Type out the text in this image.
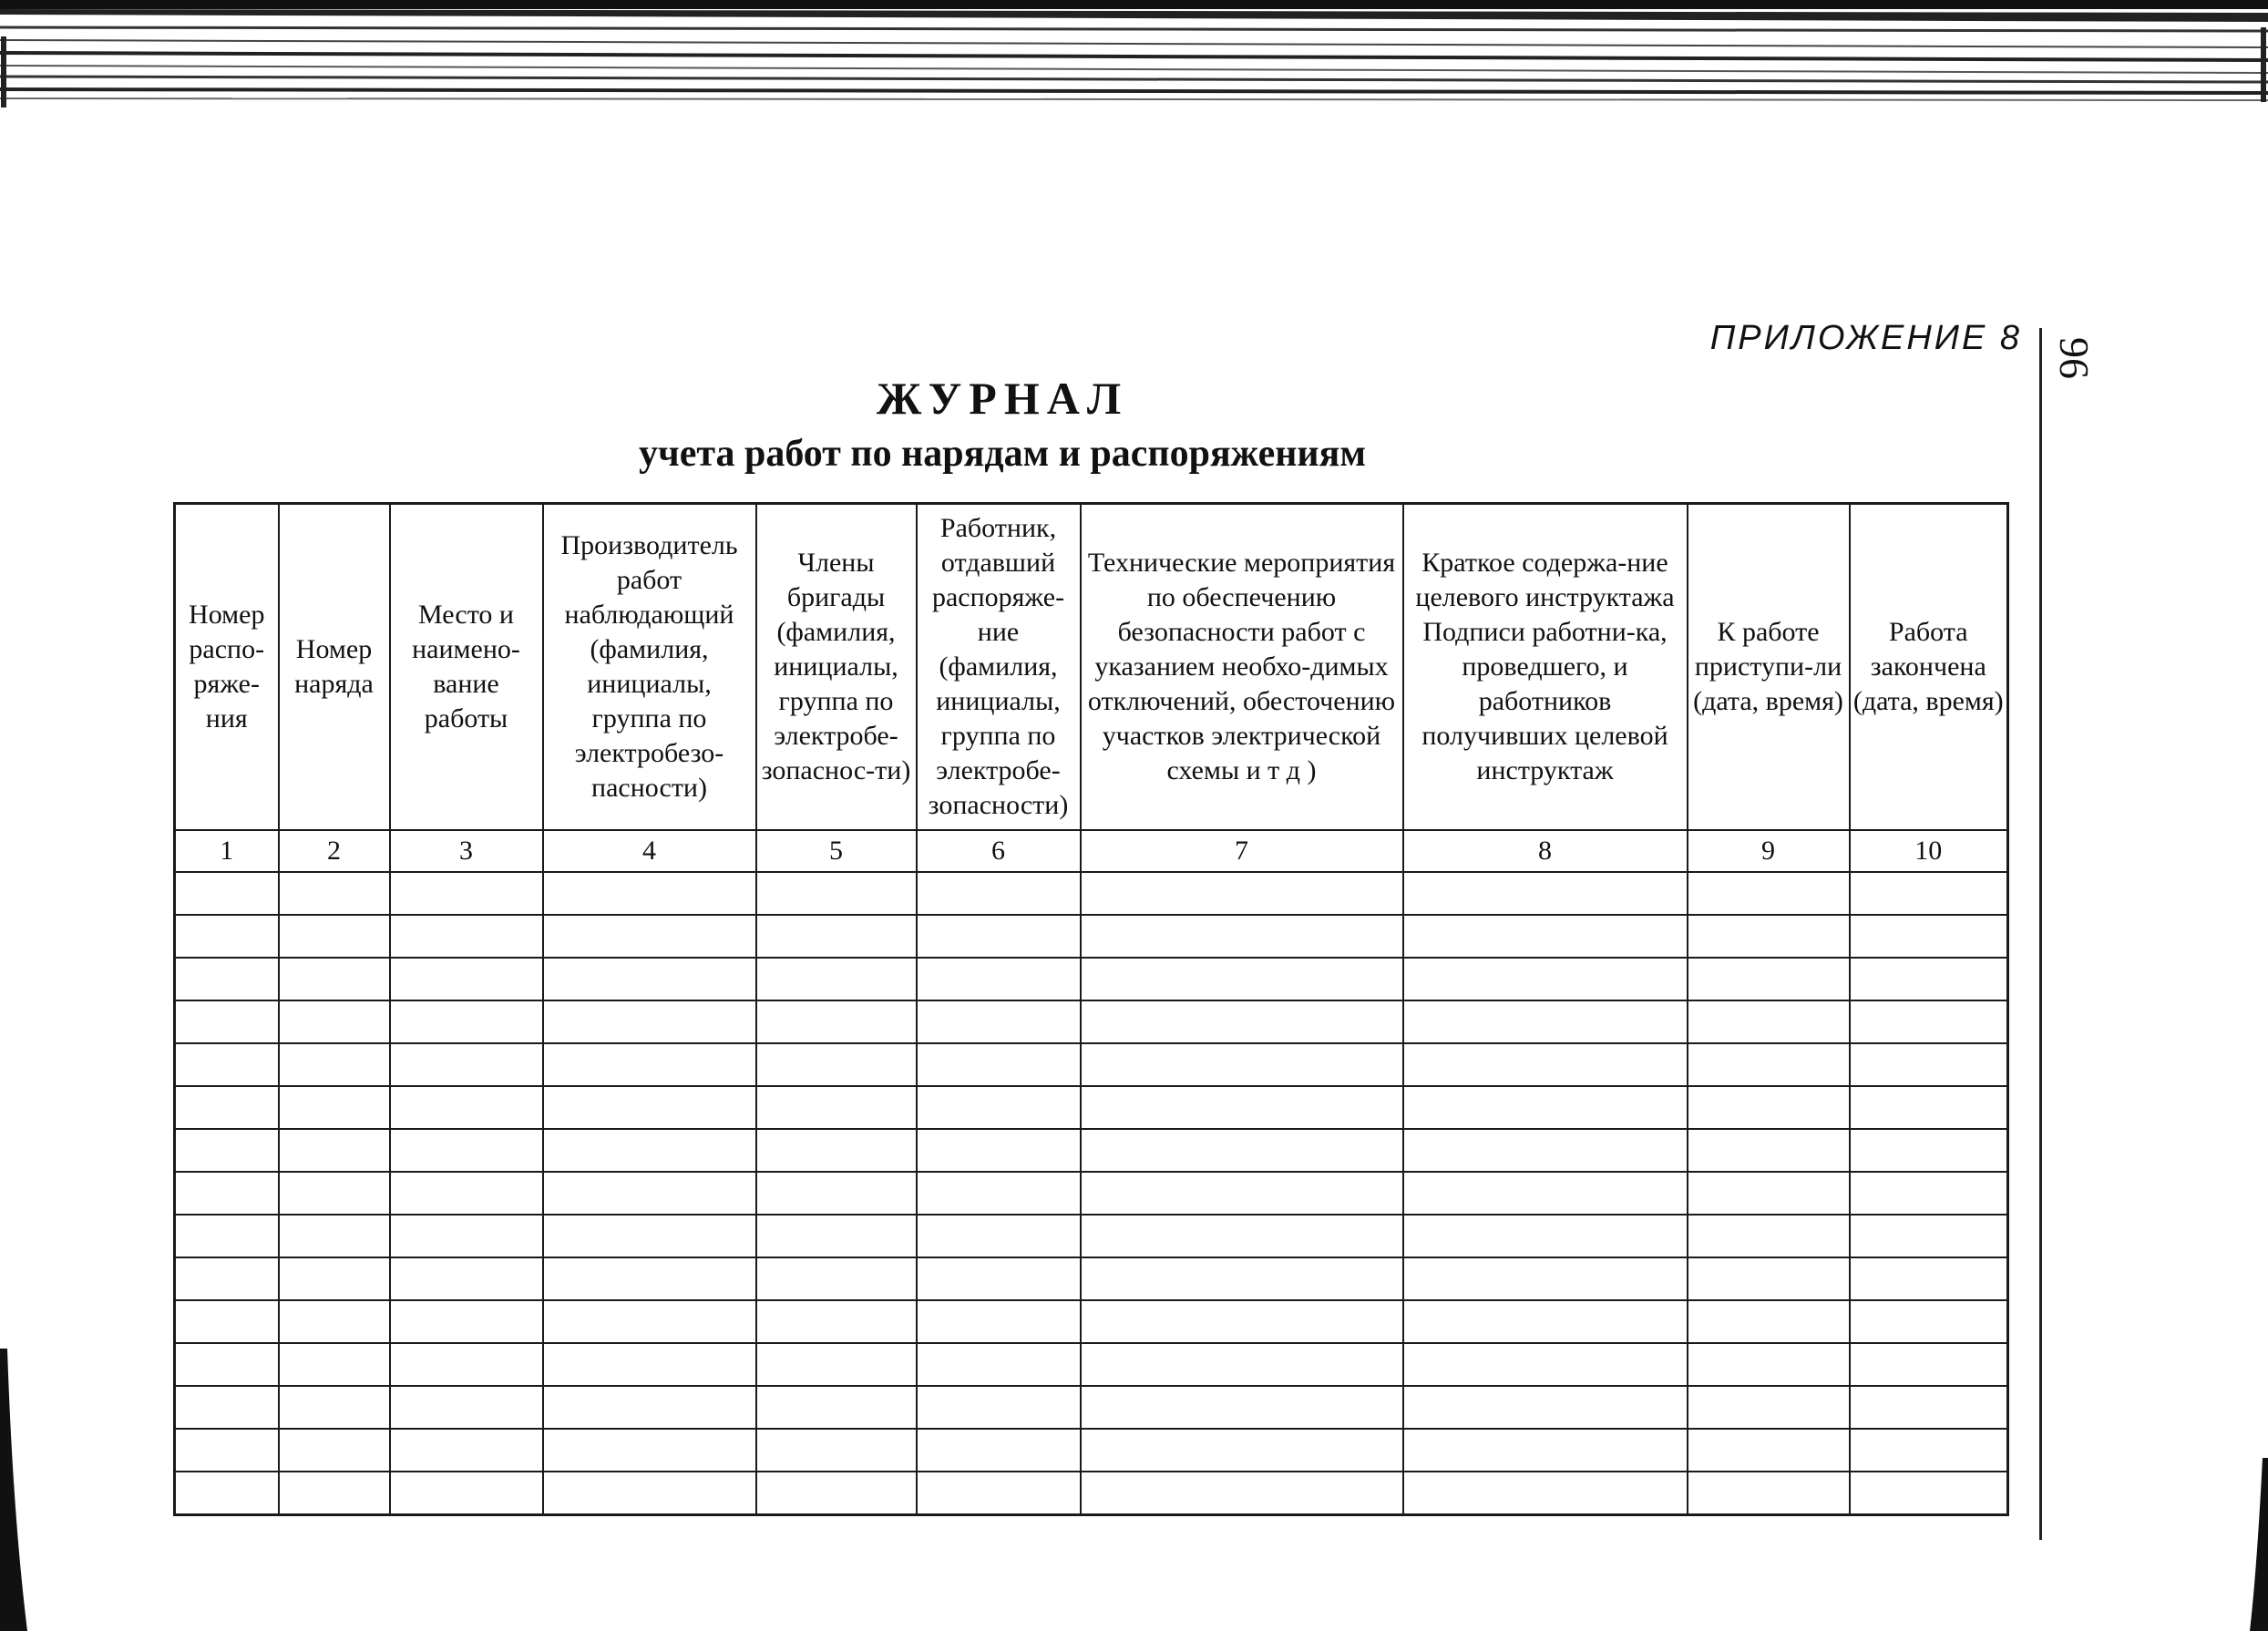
96
ПРИЛОЖЕНИЕ 8
ЖУРНАЛ
учета работ по нарядам и распоряжениям
Номер распо-ряже-ния	Номер наряда	Место и наимено-вание работы	Производитель работ наблюдающий (фамилия, инициалы, группа по электробезо-пасности)	Члены бригады (фамилия, инициалы, группа по электробе-зопаснос-ти)	Работник, отдавший распоряже-ние (фамилия, инициалы, группа по электробе-зопасности)	Технические мероприятия по обеспечению безопасности работ с указанием необхо-димых отключений, обесточению участков электрической схемы и т д )	Краткое содержа-ние целевого инструктажа Подписи работни-ка, проведшего, и работников получивших целевой инструктаж	К работе приступи-ли (дата, время)	Работа закончена (дата, время)
1	2	3	4	5	6	7	8	9	10
